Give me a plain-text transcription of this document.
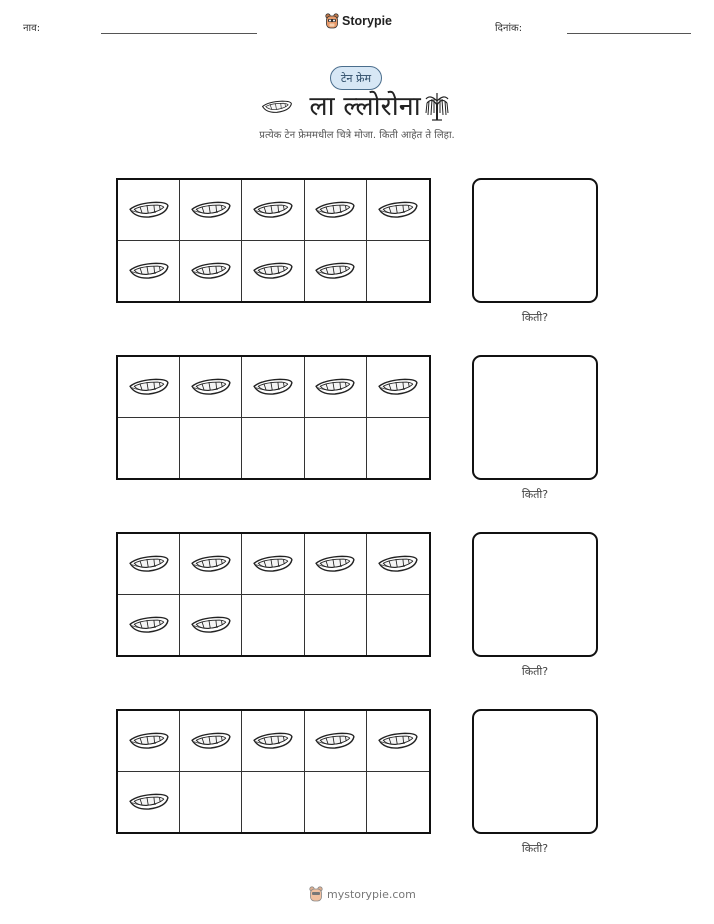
नाव:
Storypie
दिनांक:
टेन फ्रेम
ला ल्लोरोना
प्रत्येक टेन फ्रेममधील चित्रे मोजा. किती आहेत ते लिहा.
किती?
किती?
किती?
किती?
mystorypie.com
